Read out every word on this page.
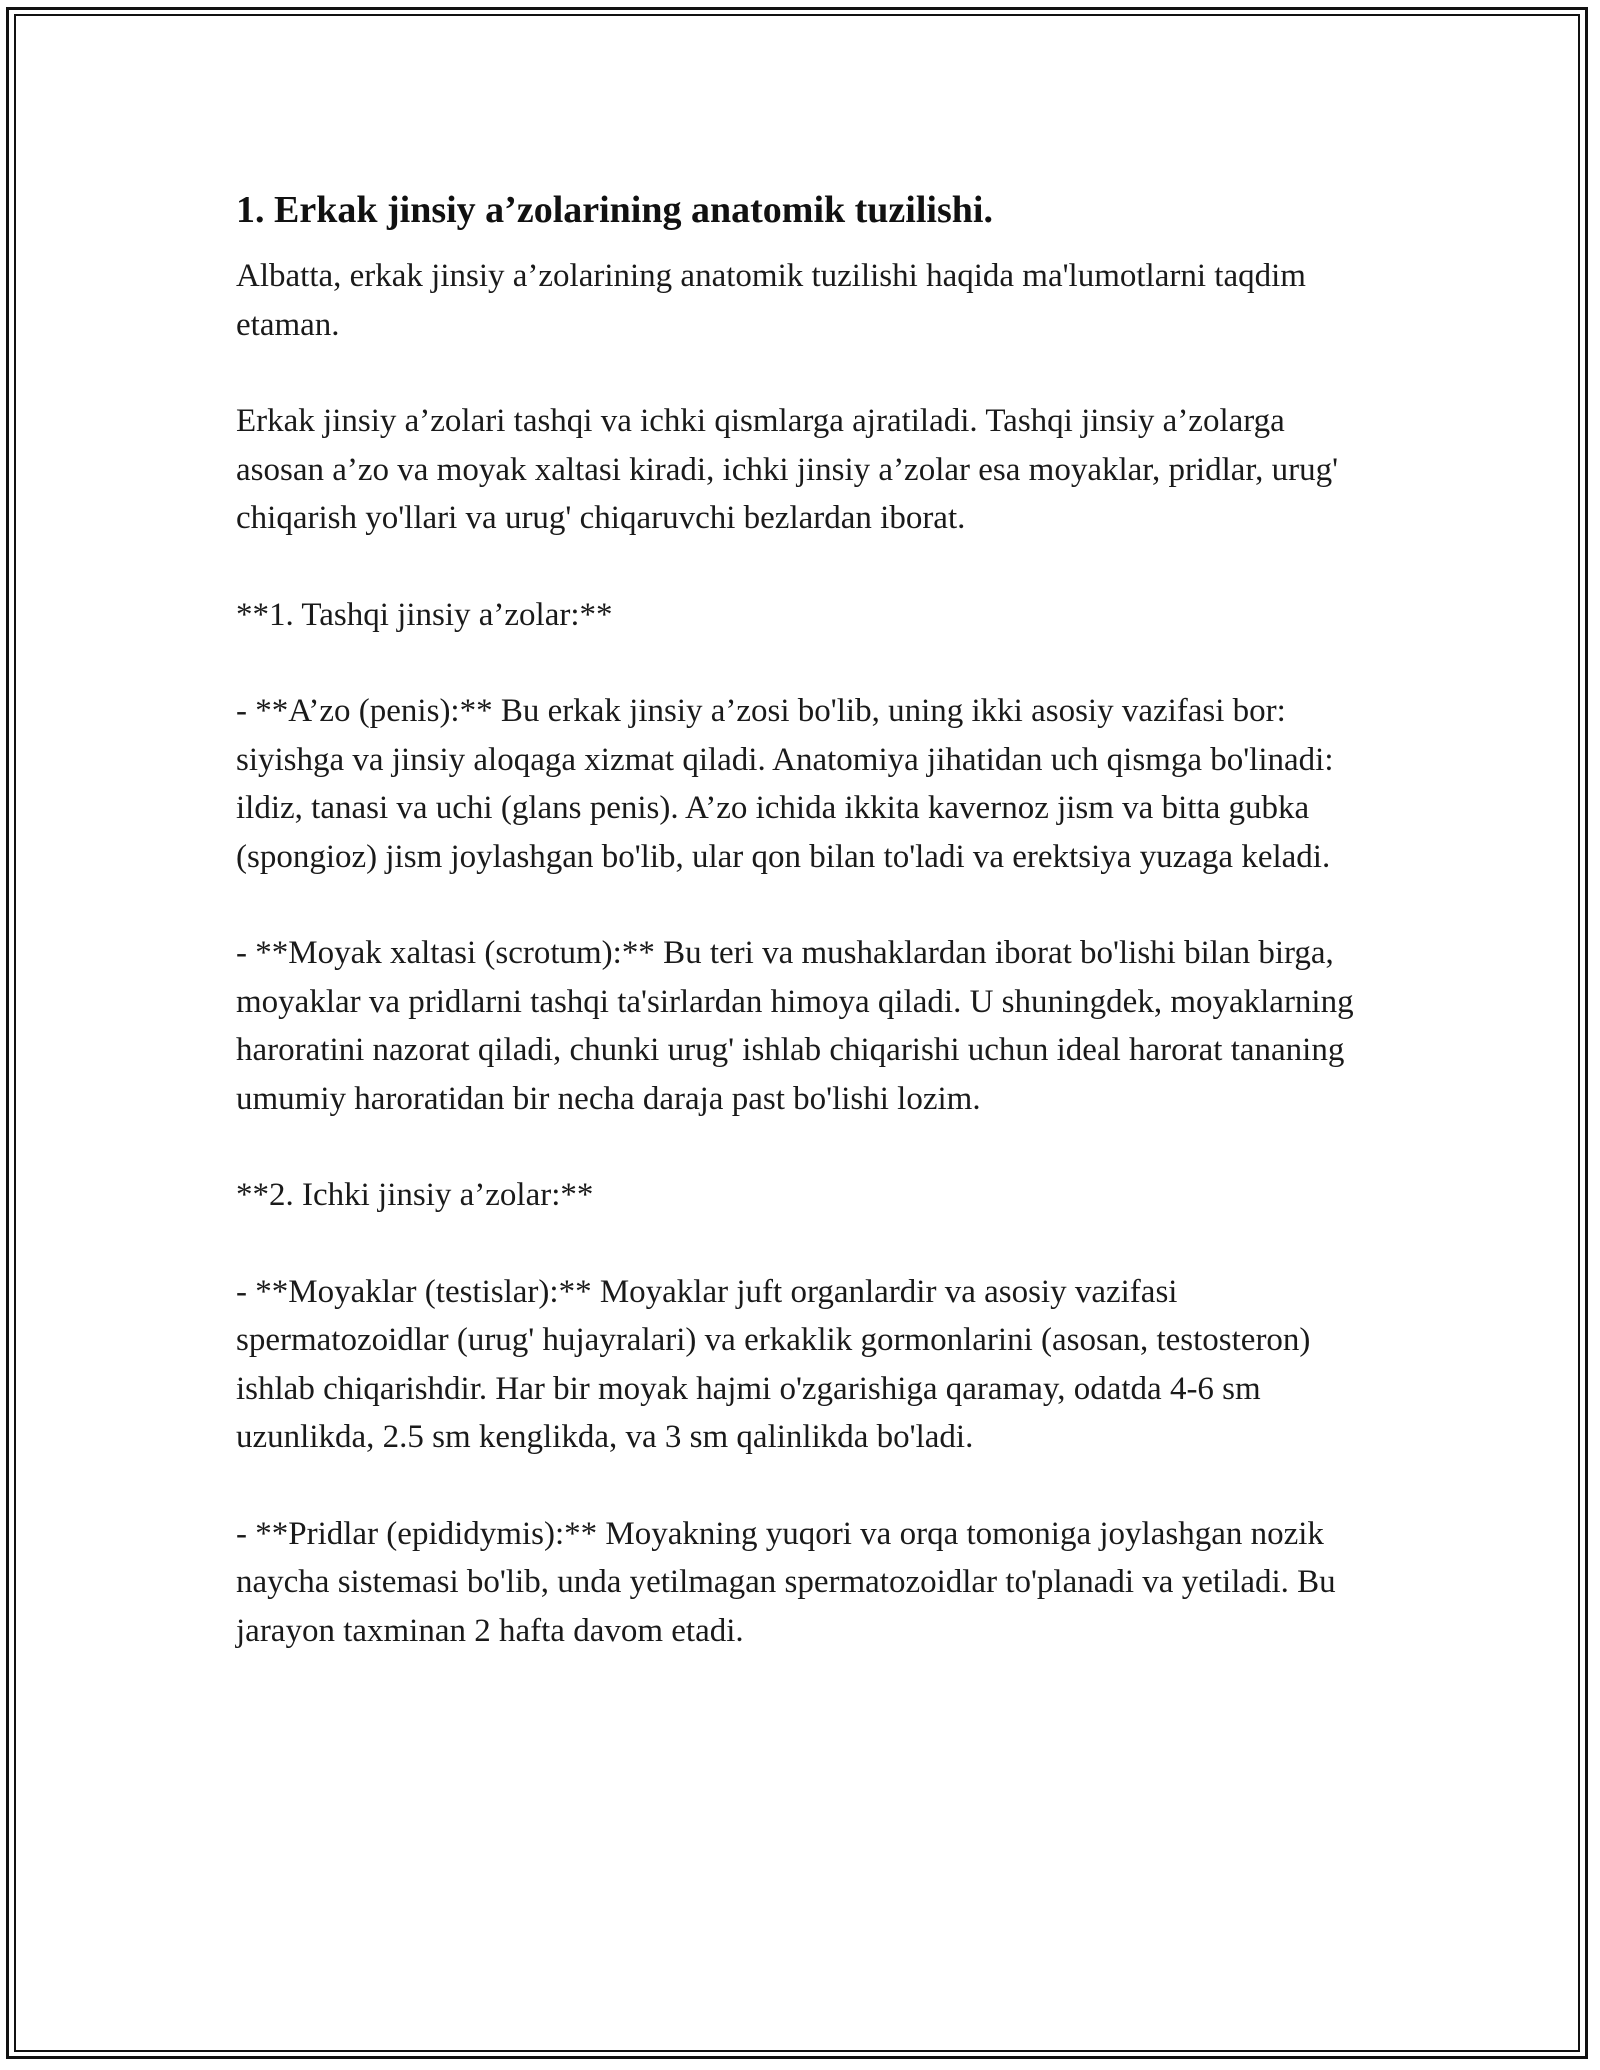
1. Erkak jinsiy a’zolarining anatomik tuzilishi.

Albatta, erkak jinsiy a’zolarining anatomik tuzilishi haqida ma'lumotlarni taqdim etaman.

Erkak jinsiy a’zolari tashqi va ichki qismlarga ajratiladi. Tashqi jinsiy a’zolarga asosan a’zo va moyak xaltasi kiradi, ichki jinsiy a’zolar esa moyaklar, pridlar, urug' chiqarish yo'llari va urug' chiqaruvchi bezlardan iborat.

**1. Tashqi jinsiy a’zolar:**

- **A’zo (penis):** Bu erkak jinsiy a’zosi bo'lib, uning ikki asosiy vazifasi bor: siyishga va jinsiy aloqaga xizmat qiladi. Anatomiya jihatidan uch qismga bo'linadi: ildiz, tanasi va uchi (glans penis). A’zo ichida ikkita kavernoz jism va bitta gubka (spongioz) jism joylashgan bo'lib, ular qon bilan to'ladi va erektsiya yuzaga keladi.

- **Moyak xaltasi (scrotum):** Bu teri va mushaklardan iborat bo'lishi bilan birga, moyaklar va pridlarni tashqi ta'sirlardan himoya qiladi. U shuningdek, moyaklarning haroratini nazorat qiladi, chunki urug' ishlab chiqarishi uchun ideal harorat tananing umumiy haroratidan bir necha daraja past bo'lishi lozim.

**2. Ichki jinsiy a’zolar:**

- **Moyaklar (testislar):** Moyaklar juft organlardir va asosiy vazifasi spermatozoidlar (urug' hujayralari) va erkaklik gormonlarini (asosan, testosteron) ishlab chiqarishdir. Har bir moyak hajmi o'zgarishiga qaramay, odatda 4-6 sm uzunlikda, 2.5 sm kenglikda, va 3 sm qalinlikda bo'ladi.

- **Pridlar (epididymis):** Moyakning yuqori va orqa tomoniga joylashgan nozik naycha sistemasi bo'lib, unda yetilmagan spermatozoidlar to'planadi va yetiladi. Bu jarayon taxminan 2 hafta davom etadi.
